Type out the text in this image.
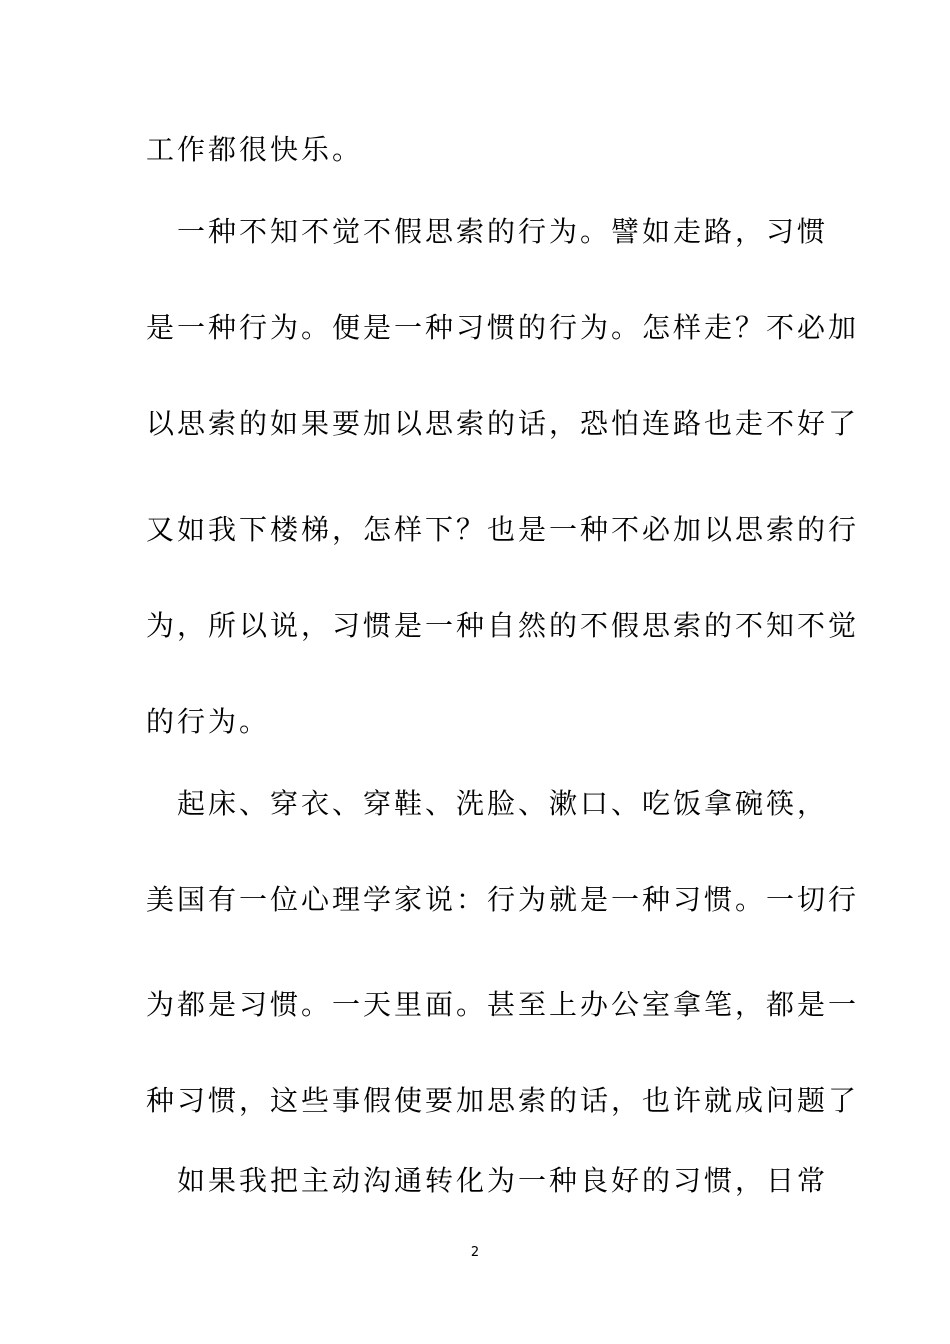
工作都很快乐。
　一种不知不觉不假思索的行为。譬如走路，习惯
是一种行为。便是一种习惯的行为。怎样走？不必加
以思索的如果要加以思索的话，恐怕连路也走不好了
又如我下楼梯，怎样下？也是一种不必加以思索的行
为，所以说，习惯是一种自然的不假思索的不知不觉
的行为。
　起床、穿衣、穿鞋、洗脸、漱口、吃饭拿碗筷，
美国有一位心理学家说：行为就是一种习惯。一切行
为都是习惯。一天里面。甚至上办公室拿笔，都是一
种习惯，这些事假使要加思索的话，也许就成问题了
　如果我把主动沟通转化为一种良好的习惯，日常
2
